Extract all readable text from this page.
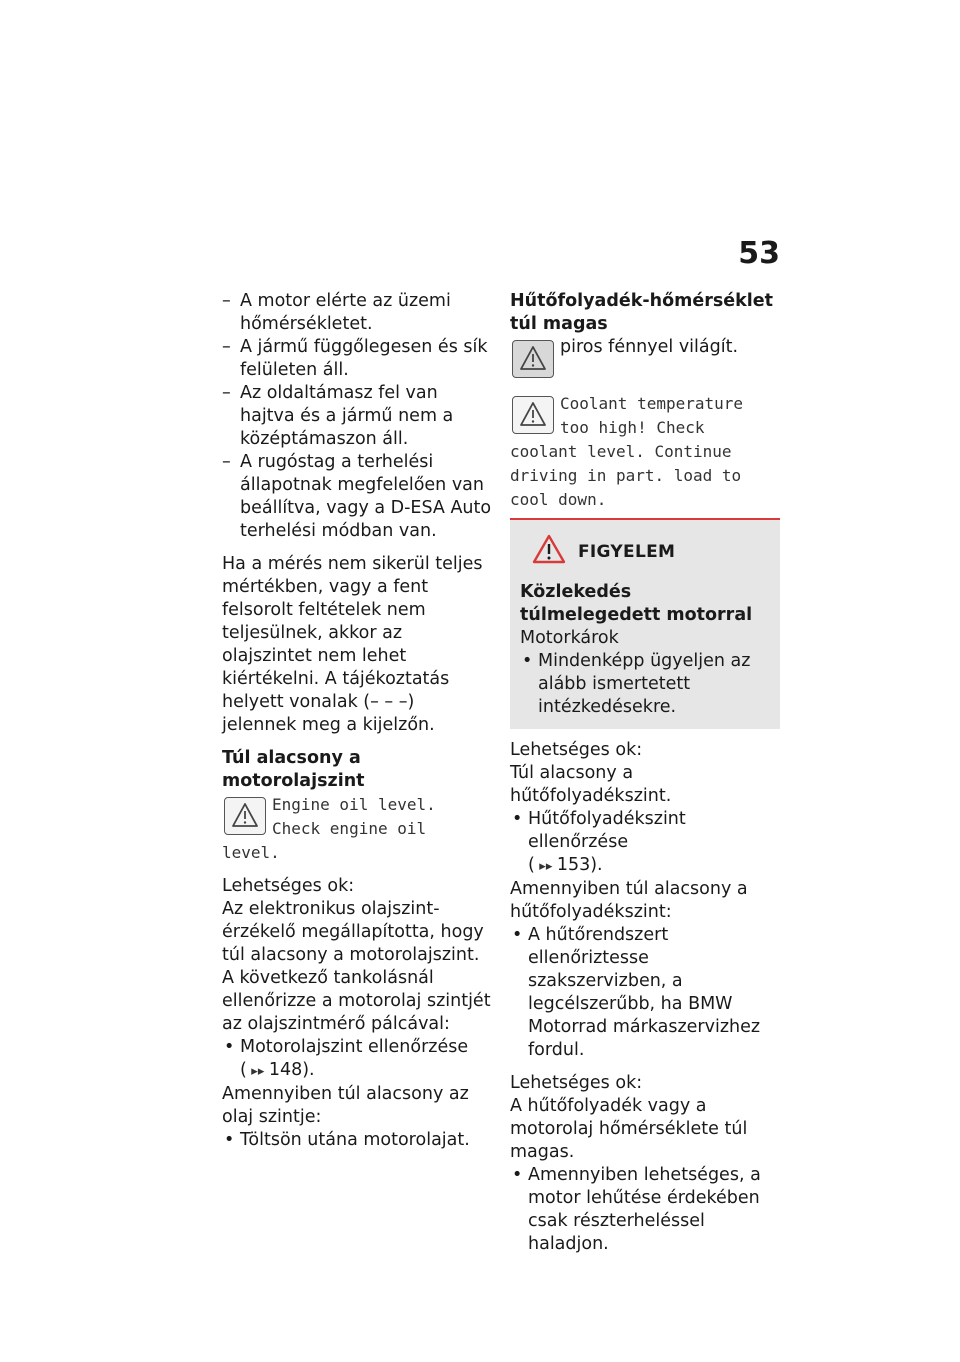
53
– A motor elérte az üzemi hőmérsékletet.
– A jármű függőlegesen és sík felületen áll.
– Az oldaltámasz fel van hajtva és a jármű nem a középtámaszon áll.
– A rugóstag a terhelési állapotnak megfelelően van beállítva, vagy a D-ESA Auto terhelési módban van.

Ha a mérés nem sikerül teljes mértékben, vagy a fent felsorolt feltételek nem teljesülnek, akkor az olajszintet nem lehet kiértékelni. A tájékoztatás helyett vonalak (– – –) jelennek meg a kijelzőn.

Túl alacsony a motorolajszint

Engine oil level. Check engine oil level.

Lehetséges ok:

Az elektronikus olajszint-érzékelő megállapította, hogy túl alacsony a motorolajszint. A következő tankolásnál ellenőrizze a motorolaj szintjét az olajszintmérő pálcával:

• Motorolajszint ellenőrzése
( ▸▸ 148).

Amennyiben túl alacsony az olaj szintje:

• Töltsön utána motorolajat.

Hűtőfolyadék-hőmérséklet túl magas

piros fénnyel világít.
Coolant temperature too high! Check coolant level. Continue driving in part. load to cool down.
FIGYELEM

Közlekedés túlmelegedett motorral

Motorkárok

• Mindenképp ügyeljen az alább ismertetett intézkedésekre.

Lehetséges ok:

Túl alacsony a hűtőfolyadékszint.

• Hűtőfolyadékszint ellenőrzése
( ▸▸ 153).

Amennyiben túl alacsony a hűtőfolyadékszint:

• A hűtőrendszert ellenőriztesse szakszervizben, a legcélszerűbb, ha BMW Motorrad márkaszervizhez fordul.

Lehetséges ok:

A hűtőfolyadék vagy a motorolaj hőmérséklete túl magas.

• Amennyiben lehetséges, a motor lehűtése érdekében csak részterheléssel haladjon.
